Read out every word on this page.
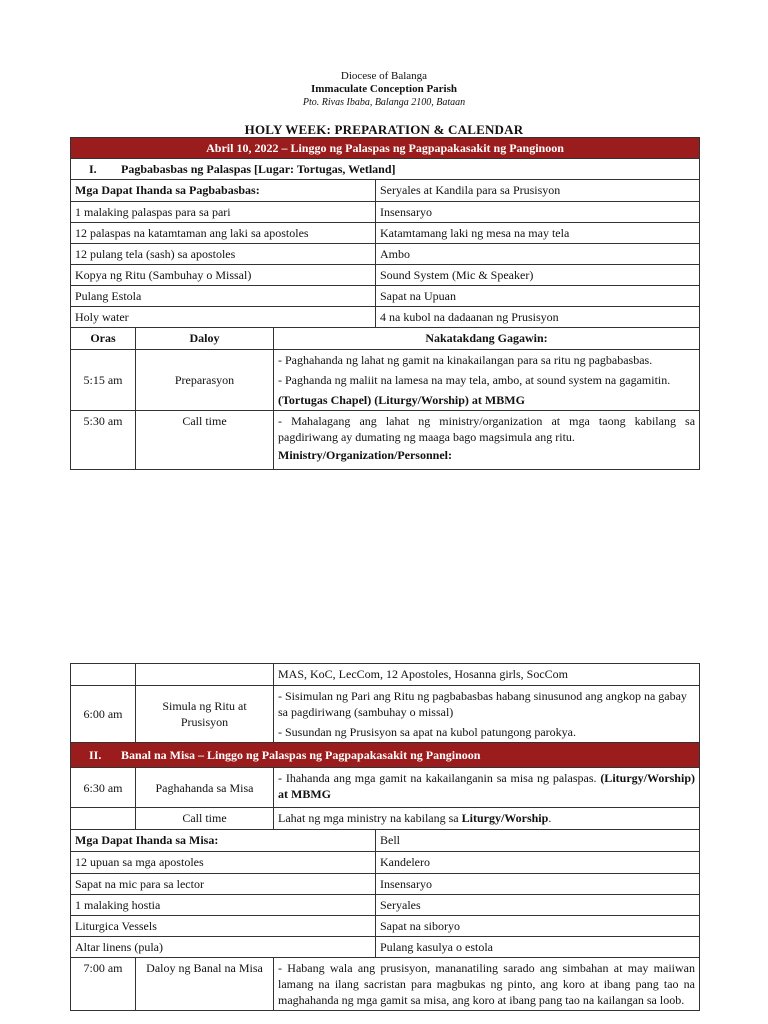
Diocese of Balanga
Immaculate Conception Parish
Pto. Rivas Ibaba, Balanga 2100, Bataan
HOLY WEEK: PREPARATION & CALENDAR
Abril 10, 2022 – Linggo ng Palaspas ng Pagpapakasakit ng Panginoon			
I. Pagbabasbas ng Palaspas [Lugar: Tortugas, Wetland]			
Mga Dapat Ihanda sa Pagbabasbas:			Seryales at Kandila para sa Prusisyon
1 malaking palaspas para sa pari			Insensaryo
12 palaspas na katamtaman ang laki sa apostoles			Katamtamang laki ng mesa na may tela
12 pulang tela (sash) sa apostoles			Ambo
Kopya ng Ritu (Sambuhay o Missal)			Sound System (Mic & Speaker)
Pulang Estola			Sapat na Upuan
Holy water			4 na kubol na dadaanan ng Prusisyon
Oras	Daloy	Nakatakdang Gagawin:	
5:15 am	Preparasyon	- Paghahanda ng lahat ng gamit na kinakailangan para sa ritu ng pagbabasbas.

- Paghanda ng maliit na lamesa na may tela, ambo, at sound system na gagamitin.

(Tortugas Chapel) (Liturgy/Worship) at MBMG	

5:30 am	Call time	- Mahalagang ang lahat ng ministry/organization at mga taong kabilang sa pagdiriwang ay dumating ng maaga bago magsimula ang ritu.

Ministry/Organization/Personnel:	

		MAS, KoC, LecCom, 12 Apostoles, Hosanna girls, SocCom	
6:00 am	Simula ng Ritu at Prusisyon	- Sisimulan ng Pari ang Ritu ng pagbabasbas habang sinusunod ang angkop na gabay sa pagdiriwang (sambuhay o missal)

- Susundan ng Prusisyon sa apat na kubol patungong parokya.	

II. Banal na Misa – Linggo ng Palaspas ng Pagpapakasakit ng Panginoon			
6:30 am	Paghahanda sa Misa	- Ihahanda ang mga gamit na kakailanganin sa misa ng palaspas. (Liturgy/Worship) at MBMG	
	Call time	Lahat ng mga ministry na kabilang sa Liturgy/Worship.	
Mga Dapat Ihanda sa Misa:			Bell
12 upuan sa mga apostoles			Kandelero
Sapat na mic para sa lector			Insensaryo
1 malaking hostia			Seryales
Liturgica Vessels			Sapat na siboryo
Altar linens (pula)			Pulang kasulya o estola
7:00 am	Daloy ng Banal na Misa	- Habang wala ang prusisyon, mananatiling sarado ang simbahan at may maiiwan lamang na ilang sacristan para magbukas ng pinto, ang koro at ibang pang tao na maghahanda ng mga gamit sa misa, ang koro at ibang pang tao na kailangan sa loob.	
